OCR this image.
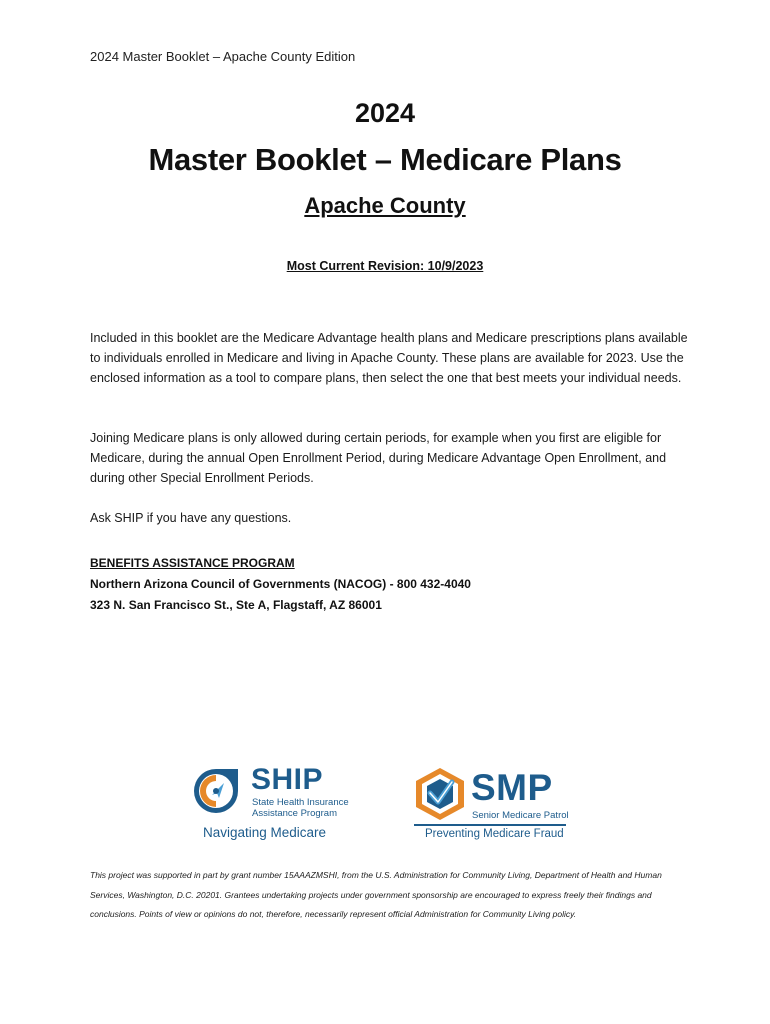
2024 Master Booklet – Apache County Edition
2024
Master Booklet – Medicare Plans
Apache County
Most Current Revision: 10/9/2023
Included in this booklet are the Medicare Advantage health plans and Medicare prescriptions plans available to individuals enrolled in Medicare and living in Apache County. These plans are available for 2023. Use the enclosed information as a tool to compare plans, then select the one that best meets your individual needs.
Joining Medicare plans is only allowed during certain periods, for example when you first are eligible for Medicare, during the annual Open Enrollment Period, during Medicare Advantage Open Enrollment, and during other Special Enrollment Periods.
Ask SHIP if you have any questions.
BENEFITS ASSISTANCE PROGRAM
Northern Arizona Council of Governments (NACOG) - 800 432-4040
323 N. San Francisco St., Ste A, Flagstaff, AZ 86001
SHIP
State Health Insurance
Assistance Program
Navigating Medicare
SMP
Senior Medicare Patrol
Preventing Medicare Fraud
This project was supported in part by grant number 15AAAZMSHI, from the U.S. Administration for Community Living, Department of Health and Human Services, Washington, D.C. 20201. Grantees undertaking projects under government sponsorship are encouraged to express freely their findings and conclusions. Points of view or opinions do not, therefore, necessarily represent official Administration for Community Living policy.
